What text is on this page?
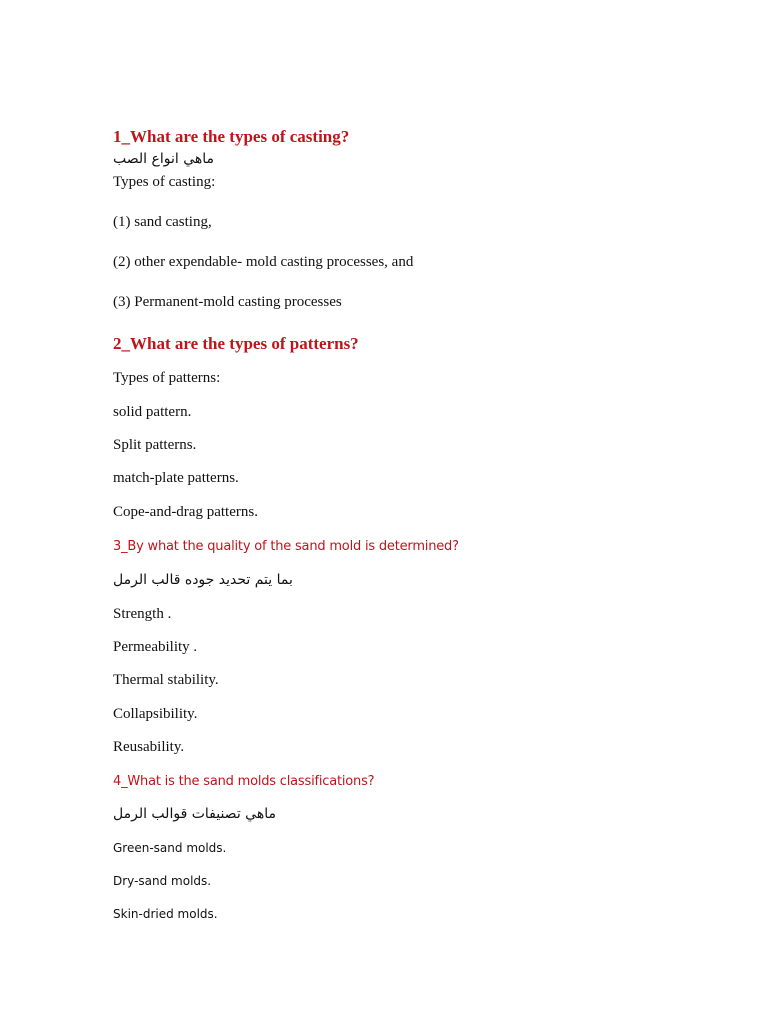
1_What are the types of casting?
ماهي انواع الصب
Types of casting:
(1) sand casting,
(2) other expendable- mold casting processes, and
(3) Permanent-mold casting processes
2_What are the types of patterns?
Types of patterns:
solid pattern.
Split patterns.
match-plate patterns.
Cope-and-drag patterns.
3_By what the quality of the sand mold is determined?
بما يتم تحديد جوده قالب الرمل
Strength .
Permeability .
Thermal stability.
Collapsibility.
Reusability.
4_What is the sand molds classifications?
ماهي تصنيفات قوالب الرمل
Green-sand molds.
Dry-sand molds.
Skin-dried molds.
